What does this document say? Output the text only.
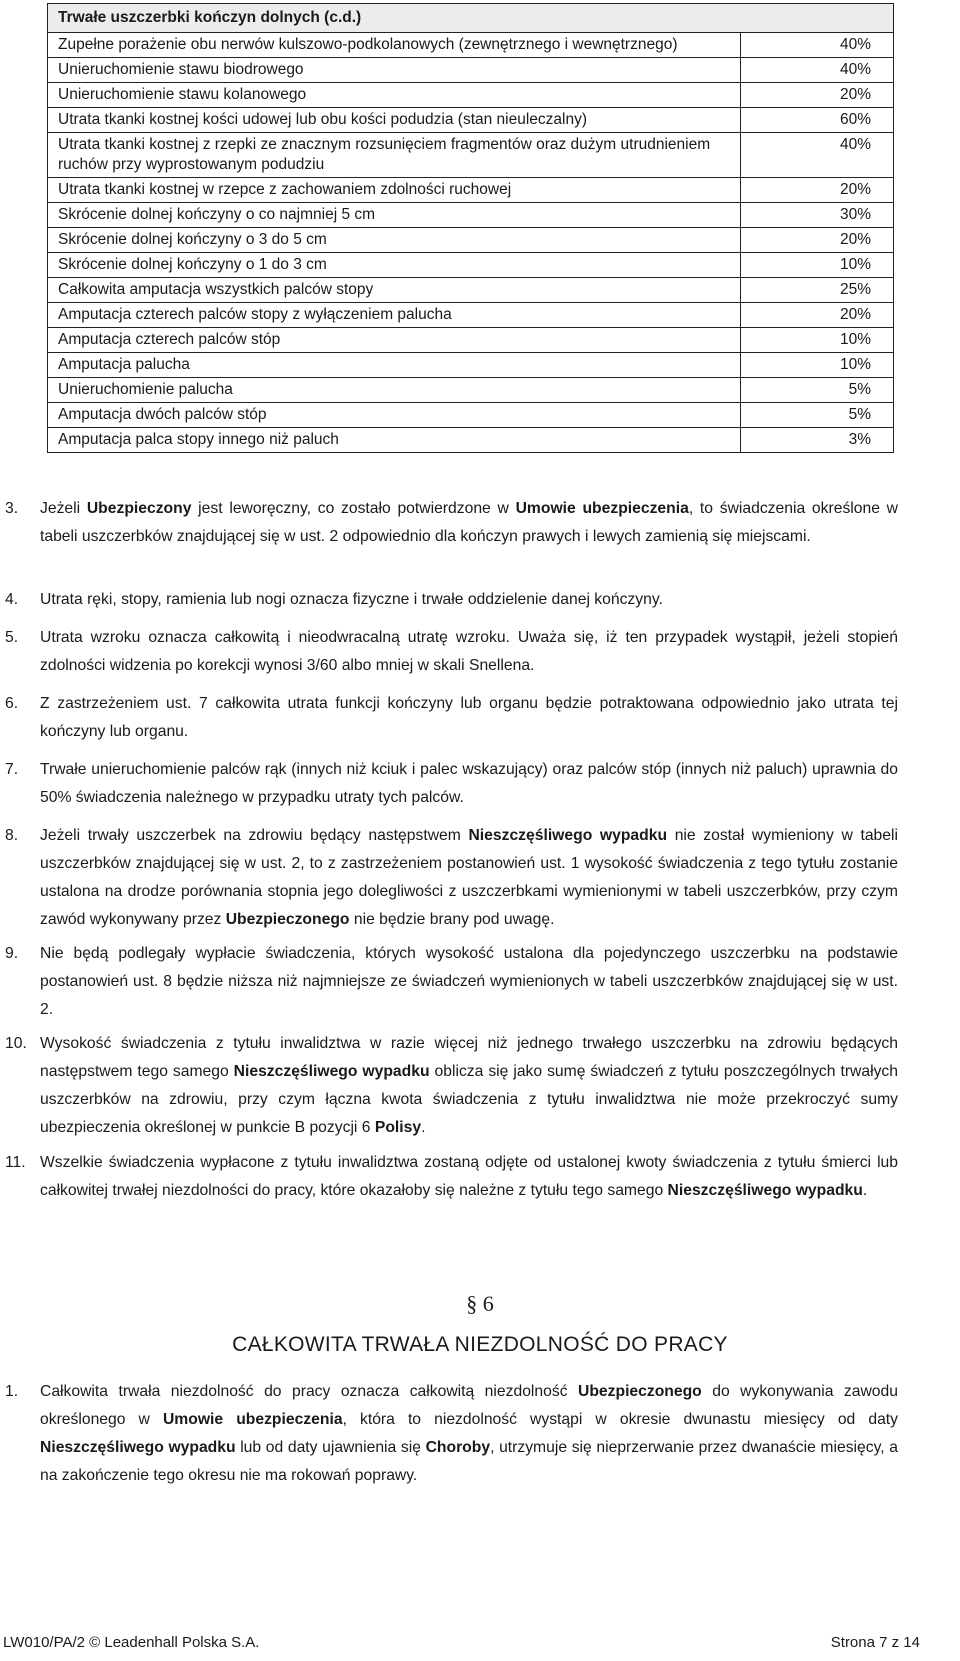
Trwałe uszczerbki kończyn dolnych (c.d.)	
Zupełne porażenie obu nerwów kulszowo-podkolanowych (zewnętrznego i wewnętrznego)	40%
Unieruchomienie stawu biodrowego	40%
Unieruchomienie stawu kolanowego	20%
Utrata tkanki kostnej kości udowej lub obu kości podudzia (stan nieuleczalny)	60%
Utrata tkanki kostnej z rzepki ze znacznym rozsunięciem fragmentów oraz dużym utrudnieniem ruchów przy wyprostowanym podudziu	40%
Utrata tkanki kostnej w rzepce z zachowaniem zdolności ruchowej	20%
Skrócenie dolnej kończyny o co najmniej 5 cm	30%
Skrócenie dolnej kończyny o 3 do 5 cm	20%
Skrócenie dolnej kończyny o 1 do 3 cm	10%
Całkowita amputacja wszystkich palców stopy	25%
Amputacja czterech palców stopy z wyłączeniem palucha	20%
Amputacja czterech palców stóp	10%
Amputacja palucha	10%
Unieruchomienie palucha	5%
Amputacja dwóch palców stóp	5%
Amputacja palca stopy innego niż paluch	3%
3. Jeżeli Ubezpieczony jest leworęczny, co zostało potwierdzone w Umowie ubezpieczenia, to świadczenia określone w tabeli uszczerbków znajdującej się w ust. 2 odpowiednio dla kończyn prawych i lewych zamienią się miejscami.
4. Utrata ręki, stopy, ramienia lub nogi oznacza fizyczne i trwałe oddzielenie danej kończyny.
5. Utrata wzroku oznacza całkowitą i nieodwracalną utratę wzroku. Uważa się, iż ten przypadek wystąpił, jeżeli stopień zdolności widzenia po korekcji wynosi 3/60 albo mniej w skali Snellena.
6. Z zastrzeżeniem ust. 7 całkowita utrata funkcji kończyny lub organu będzie potraktowana odpowiednio jako utrata tej kończyny lub organu.
7. Trwałe unieruchomienie palców rąk (innych niż kciuk i palec wskazujący) oraz palców stóp (innych niż paluch) uprawnia do 50% świadczenia należnego w przypadku utraty tych palców.
8. Jeżeli trwały uszczerbek na zdrowiu będący następstwem Nieszczęśliwego wypadku nie został wymieniony w tabeli uszczerbków znajdującej się w ust. 2, to z zastrzeżeniem postanowień ust. 1 wysokość świadczenia z tego tytułu zostanie ustalona na drodze porównania stopnia jego dolegliwości z uszczerbkami wymienionymi w tabeli uszczerbków, przy czym zawód wykonywany przez Ubezpieczonego nie będzie brany pod uwagę.
9. Nie będą podlegały wypłacie świadczenia, których wysokość ustalona dla pojedynczego uszczerbku na podstawie postanowień ust. 8 będzie niższa niż najmniejsze ze świadczeń wymienionych w tabeli uszczerbków znajdującej się w ust. 2.
10. Wysokość świadczenia z tytułu inwalidztwa w razie więcej niż jednego trwałego uszczerbku na zdrowiu będących następstwem tego samego Nieszczęśliwego wypadku oblicza się jako sumę świadczeń z tytułu poszczególnych trwałych uszczerbków na zdrowiu, przy czym łączna kwota świadczenia z tytułu inwalidztwa nie może przekroczyć sumy ubezpieczenia określonej w punkcie B pozycji 6 Polisy.
11. Wszelkie świadczenia wypłacone z tytułu inwalidztwa zostaną odjęte od ustalonej kwoty świadczenia z tytułu śmierci lub całkowitej trwałej niezdolności do pracy, które okazałoby się należne z tytułu tego samego Nieszczęśliwego wypadku.
§ 6
CAŁKOWITA TRWAŁA NIEZDOLNOŚĆ DO PRACY
1. Całkowita trwała niezdolność do pracy oznacza całkowitą niezdolność Ubezpieczonego do wykonywania zawodu określonego w Umowie ubezpieczenia, która to niezdolność wystąpi w okresie dwunastu miesięcy od daty Nieszczęśliwego wypadku lub od daty ujawnienia się Choroby, utrzymuje się nieprzerwanie przez dwanaście miesięcy, a na zakończenie tego okresu nie ma rokowań poprawy.
LW010/PA/2 © Leadenhall Polska S.A.	Strona 7 z 14
